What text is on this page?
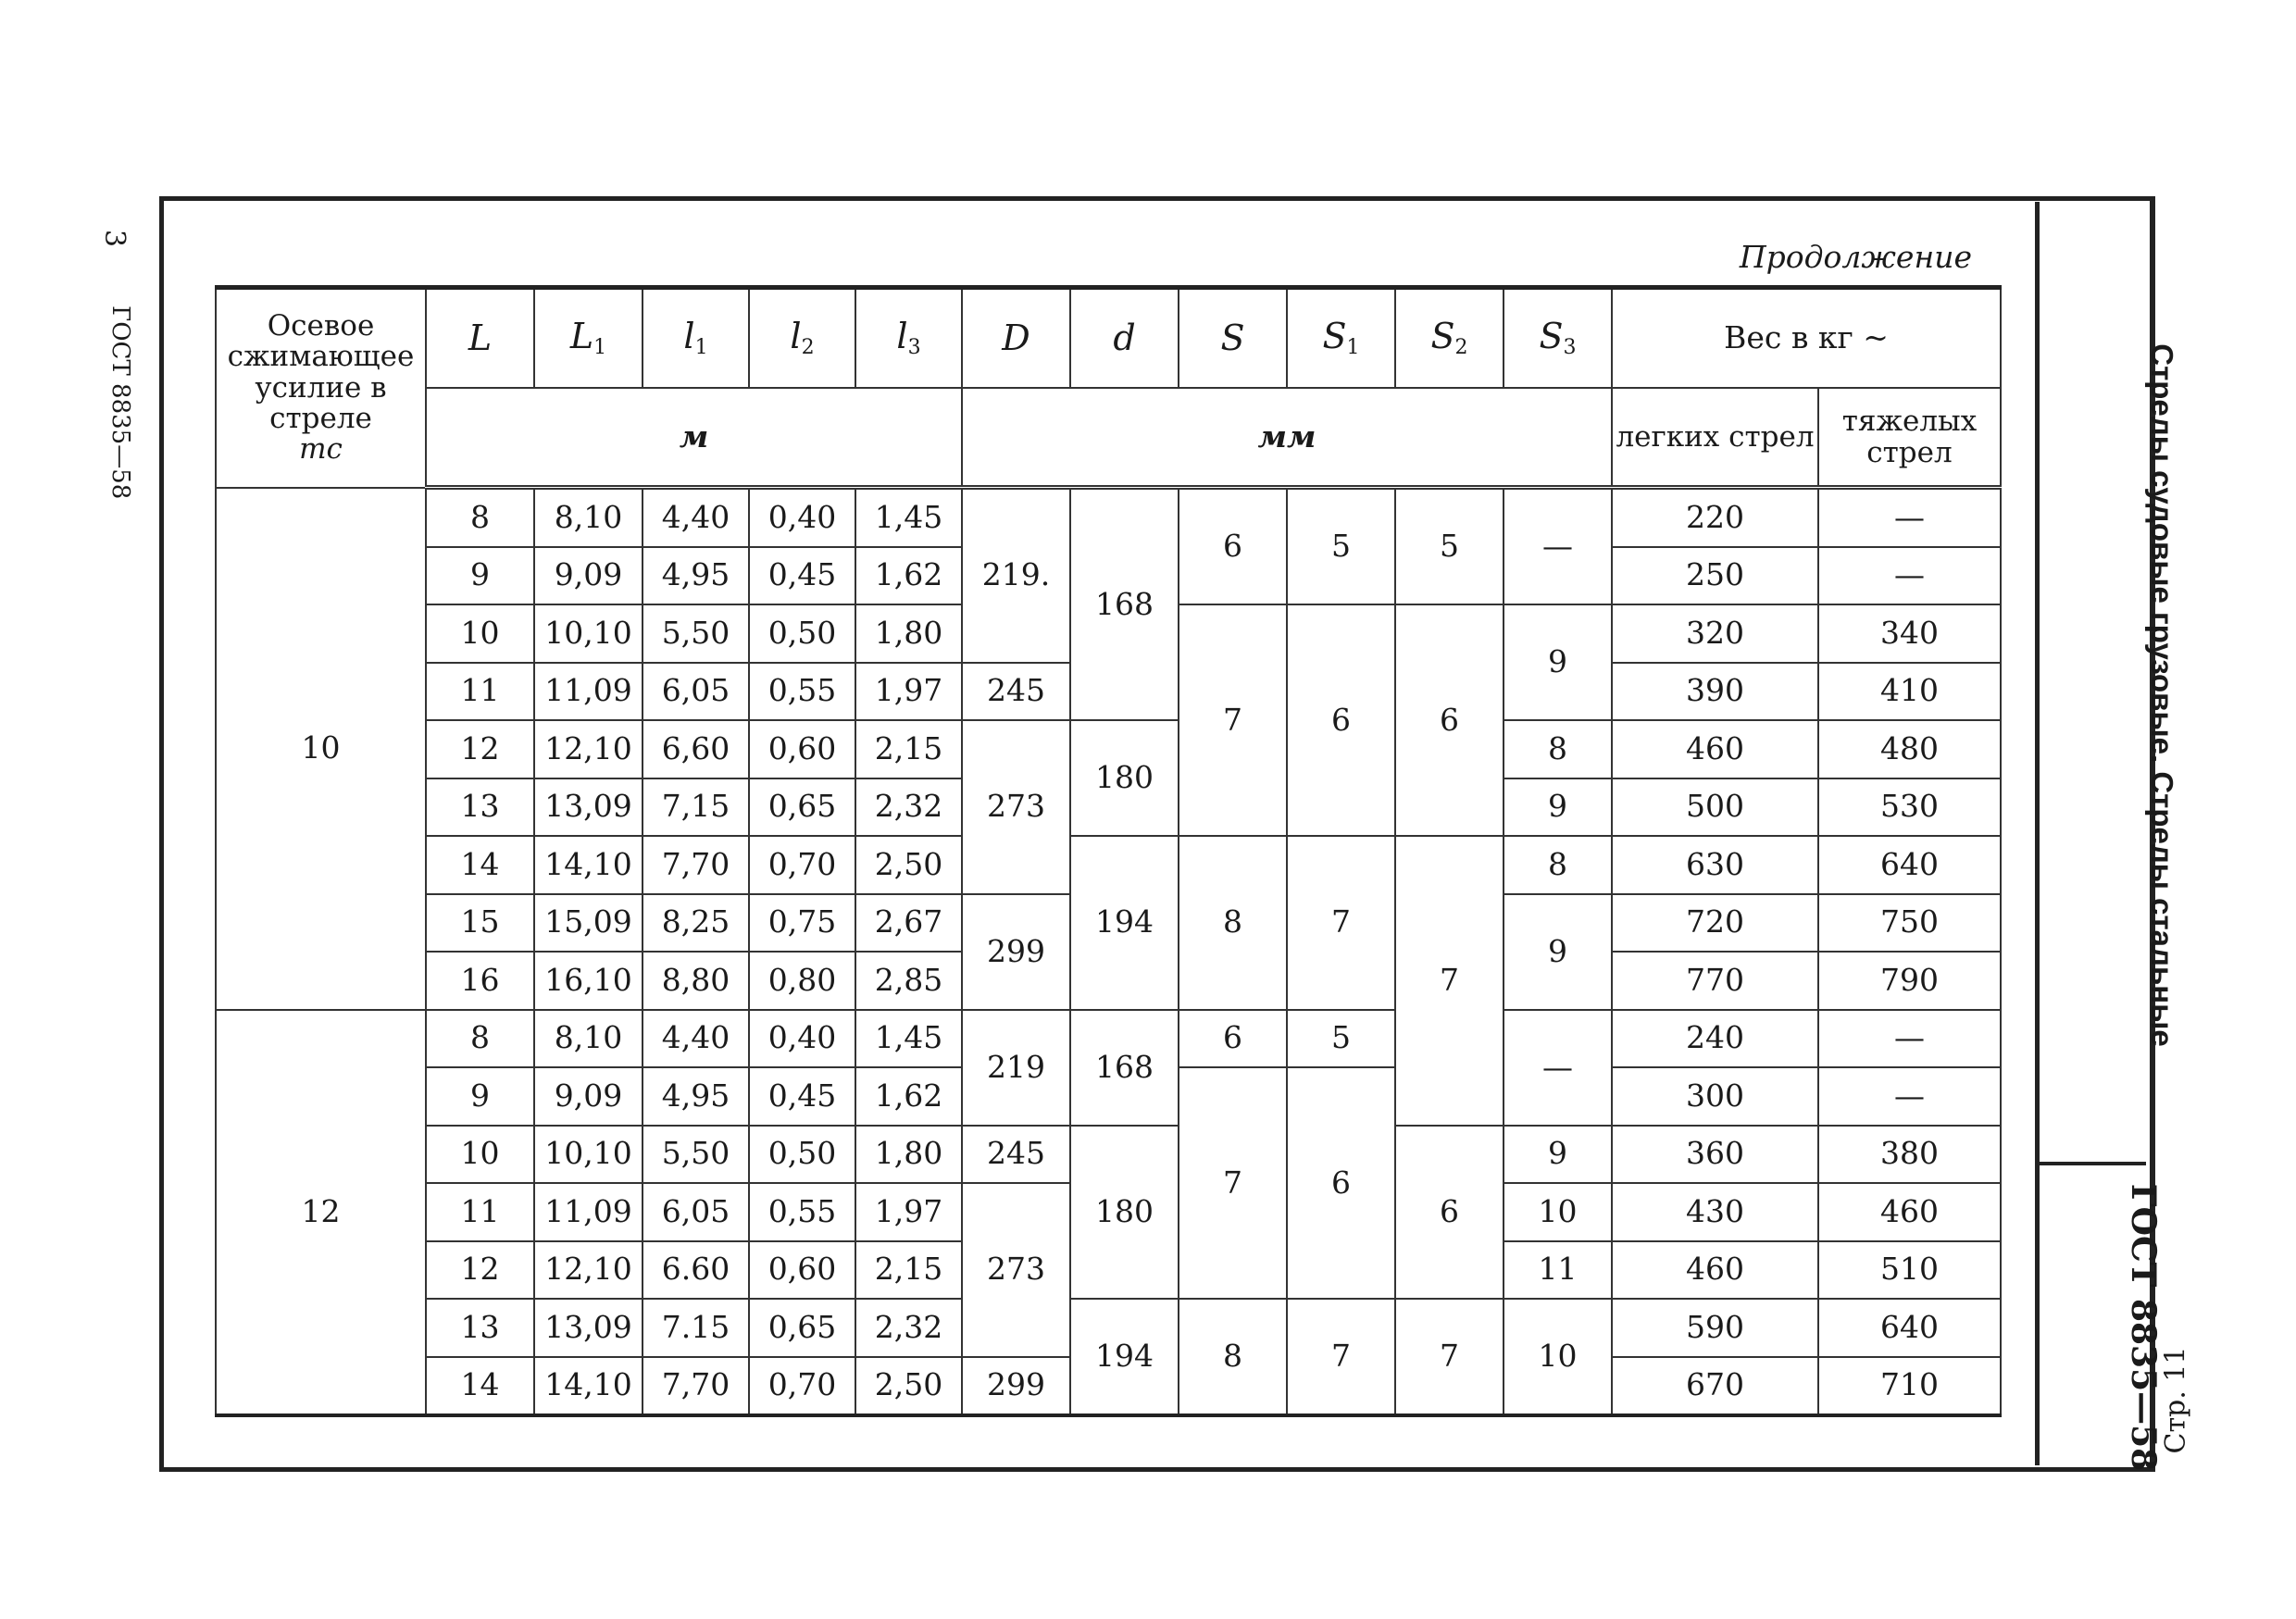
3
ГОСТ 8835—58	Стрелы судовые грузовые. Стрелы стальные
ГОСТ 8835—58
Стр. 11
Продолжение
Осевое сжимающее усилие в стреле
тс	L	$L_1$	$l_1$	$l_2$	$l_3$	D	d	S	$S_1$	$S_2$	$S_3$	Вес в кг ~	
	м					мм						легких стрел	тяжелых стрел

10	8	8,10	4,40	0,40	1,45	219.	168	6	5	5	—	220	—
	9	9,09	4,95	0,45	1,62							250	—
	10	10,10	5,50	0,50	1,80			7	6	6	9	320	340
	11	11,09	6,05	0,55	1,97	245						390	410
	12	12,10	6,60	0,60	2,15	273	180				8	460	480
	13	13,09	7,15	0,65	2,32						9	500	530
	14	14,10	7,70	0,70	2,50		194	8	7	7	8	630	640
	15	15,09	8,25	0,75	2,67	299					9	720	750
	16	16,10	8,80	0,80	2,85							770	790
12	8	8,10	4,40	0,40	1,45	219	168	6	5		—	240	—
	9	9,09	4,95	0,45	1,62			7	6			300	—
	10	10,10	5,50	0,50	1,80	245	180			6	9	360	380
	11	11,09	6,05	0,55	1,97	273					10	430	460
	12	12,10	6.60	0,60	2,15						11	460	510
	13	13,09	7.15	0,65	2,32		194	8	7	7	10	590	640
	14	14,10	7,70	0,70	2,50	299						670	710
